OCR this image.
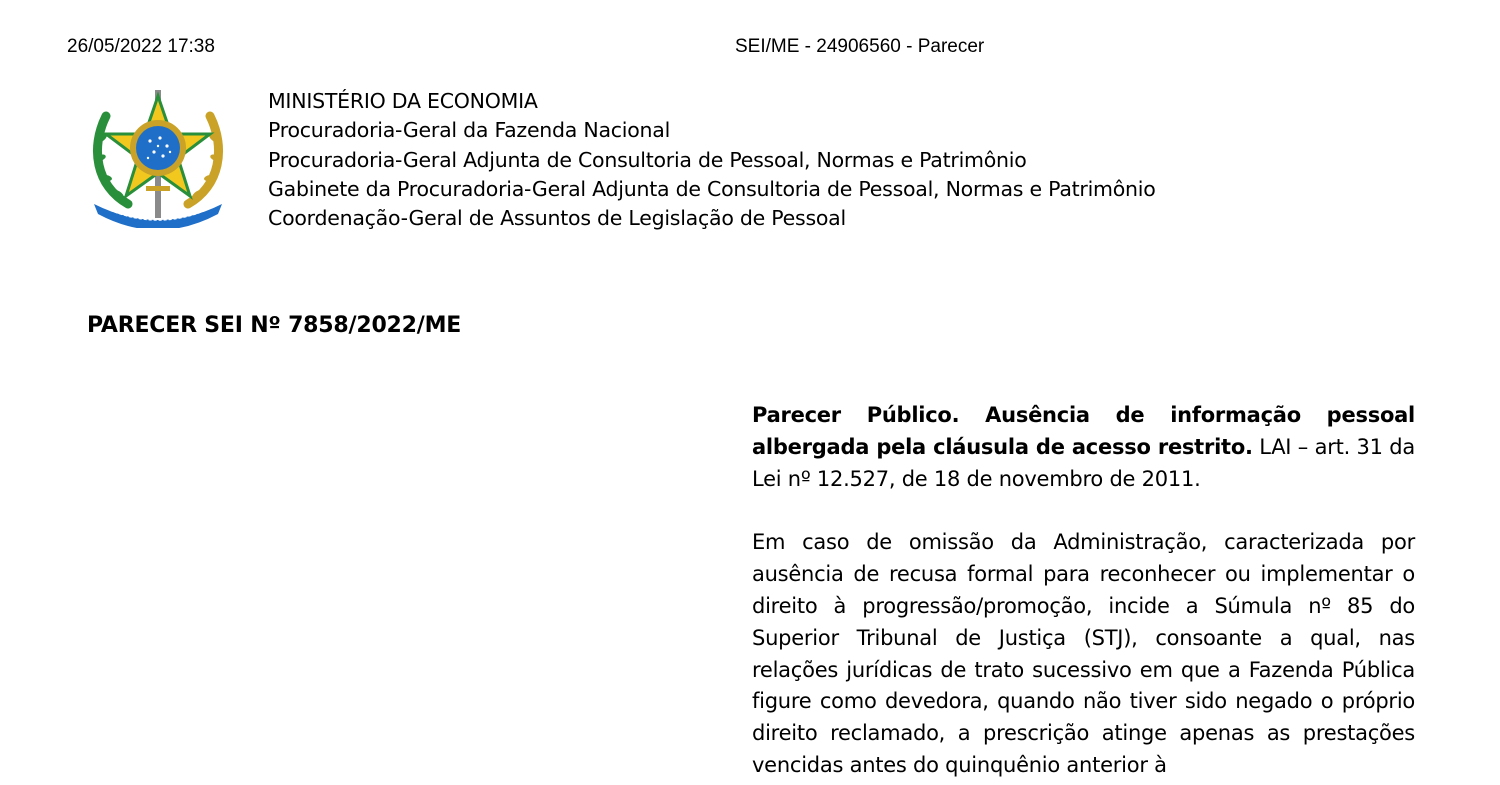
26/05/2022 17:38	SEI/ME - 24906560 - Parecer
MINISTÉRIO DA ECONOMIA
Procuradoria-Geral da Fazenda Nacional
Procuradoria-Geral Adjunta de Consultoria de Pessoal, Normas e Patrimônio
Gabinete da Procuradoria-Geral Adjunta de Consultoria de Pessoal, Normas e Patrimônio
Coordenação-Geral de Assuntos de Legislação de Pessoal
PARECER SEI Nº 7858/2022/ME

Parecer Público. Ausência de informação pessoal albergada pela cláusula de acesso restrito. LAI – art. 31 da Lei nº 12.527, de 18 de novembro de 2011.

Em caso de omissão da Administração, caracterizada por ausência de recusa formal para reconhecer ou implementar o direito à progressão/promoção, incide a Súmula nº 85 do Superior Tribunal de Justiça (STJ), consoante a qual, nas relações jurídicas de trato sucessivo em que a Fazenda Pública figure como devedora, quando não tiver sido negado o próprio direito reclamado, a prescrição atinge apenas as prestações vencidas antes do quinquênio anterior à
